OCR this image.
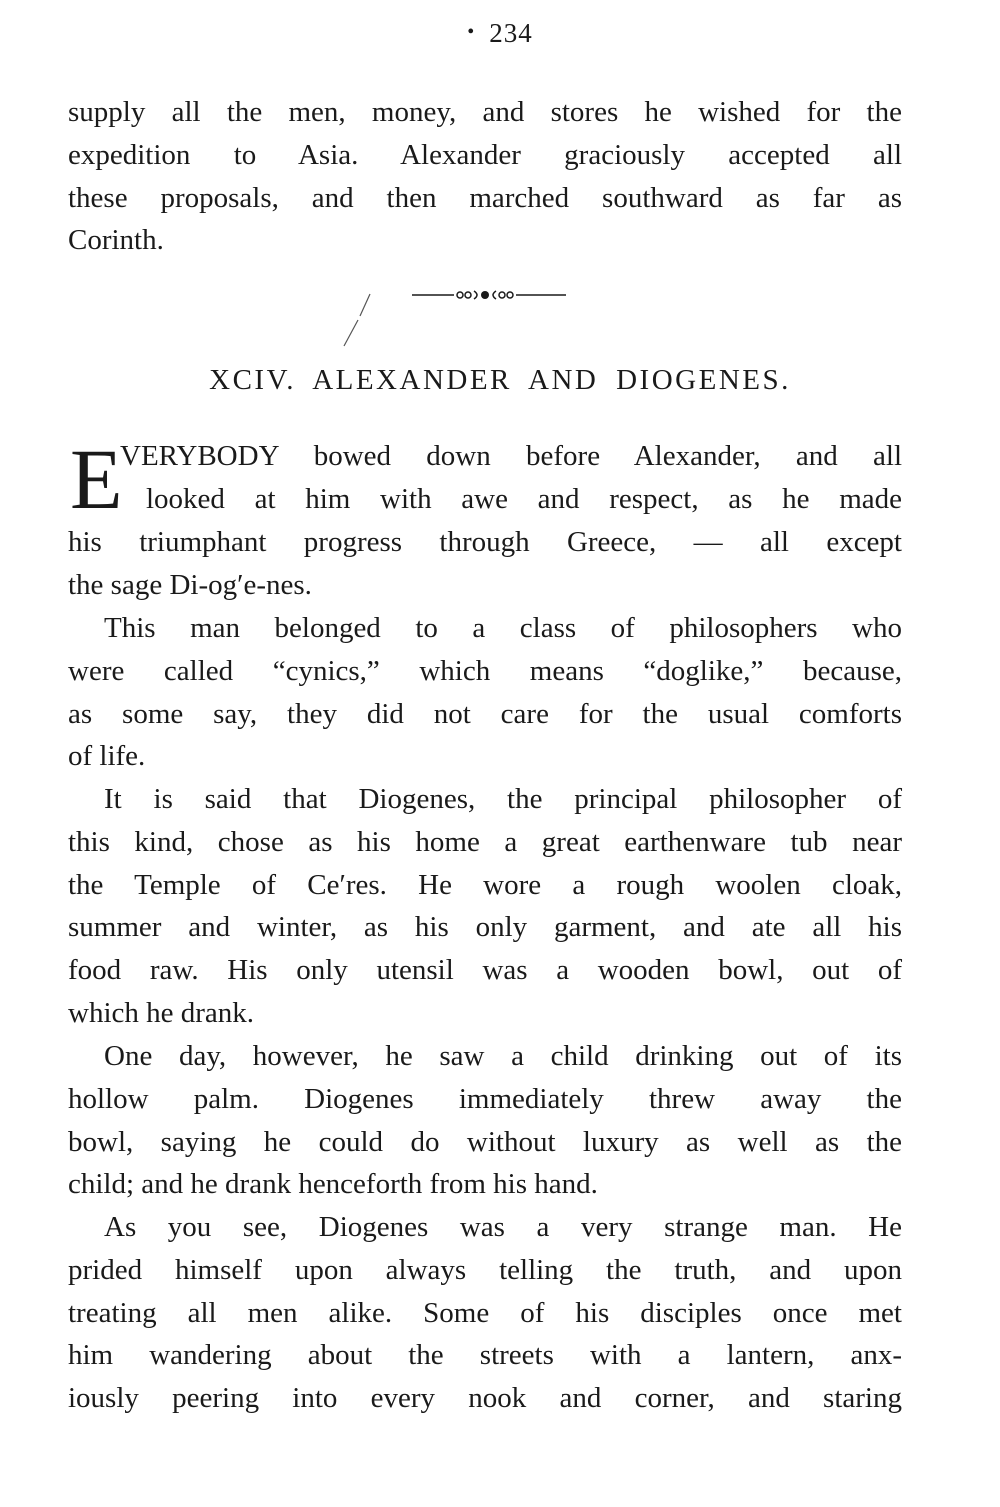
• 234
supply all the men, money, and stores he wished for the
expedition to Asia. Alexander graciously accepted all
these proposals, and then marched southward as far as
Corinth.
XCIV. ALEXANDER AND DIOGENES.
E
VERYBODY bowed down before Alexander, and all
looked at him with awe and respect, as he made
his triumphant progress through Greece, — all except
the sage Di-og′e-nes.
This man belonged to a class of philosophers who
were called “cynics,” which means “doglike,” because,
as some say, they did not care for the usual comforts
of life.
It is said that Diogenes, the principal philosopher of
this kind, chose as his home a great earthenware tub near
the Temple of Ce′res. He wore a rough woolen cloak,
summer and winter, as his only garment, and ate all his
food raw. His only utensil was a wooden bowl, out of
which he drank.
One day, however, he saw a child drinking out of its
hollow palm. Diogenes immediately threw away the
bowl, saying he could do without luxury as well as the
child; and he drank henceforth from his hand.
As you see, Diogenes was a very strange man. He
prided himself upon always telling the truth, and upon
treating all men alike. Some of his disciples once met
him wandering about the streets with a lantern, anx-
iously peering into every nook and corner, and staring
